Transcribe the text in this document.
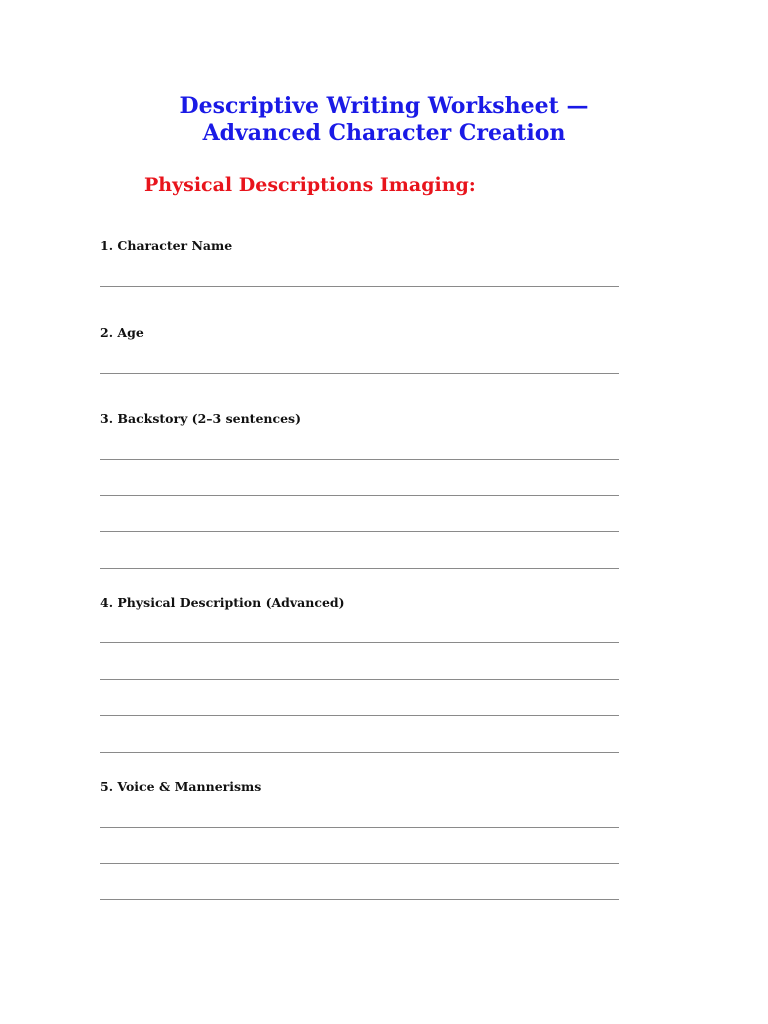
Descriptive Writing Worksheet —
Advanced Character Creation
Physical Descriptions Imaging:

1. Character Name

2. Age

3. Backstory (2–3 sentences)

4. Physical Description (Advanced)

5. Voice & Mannerisms
